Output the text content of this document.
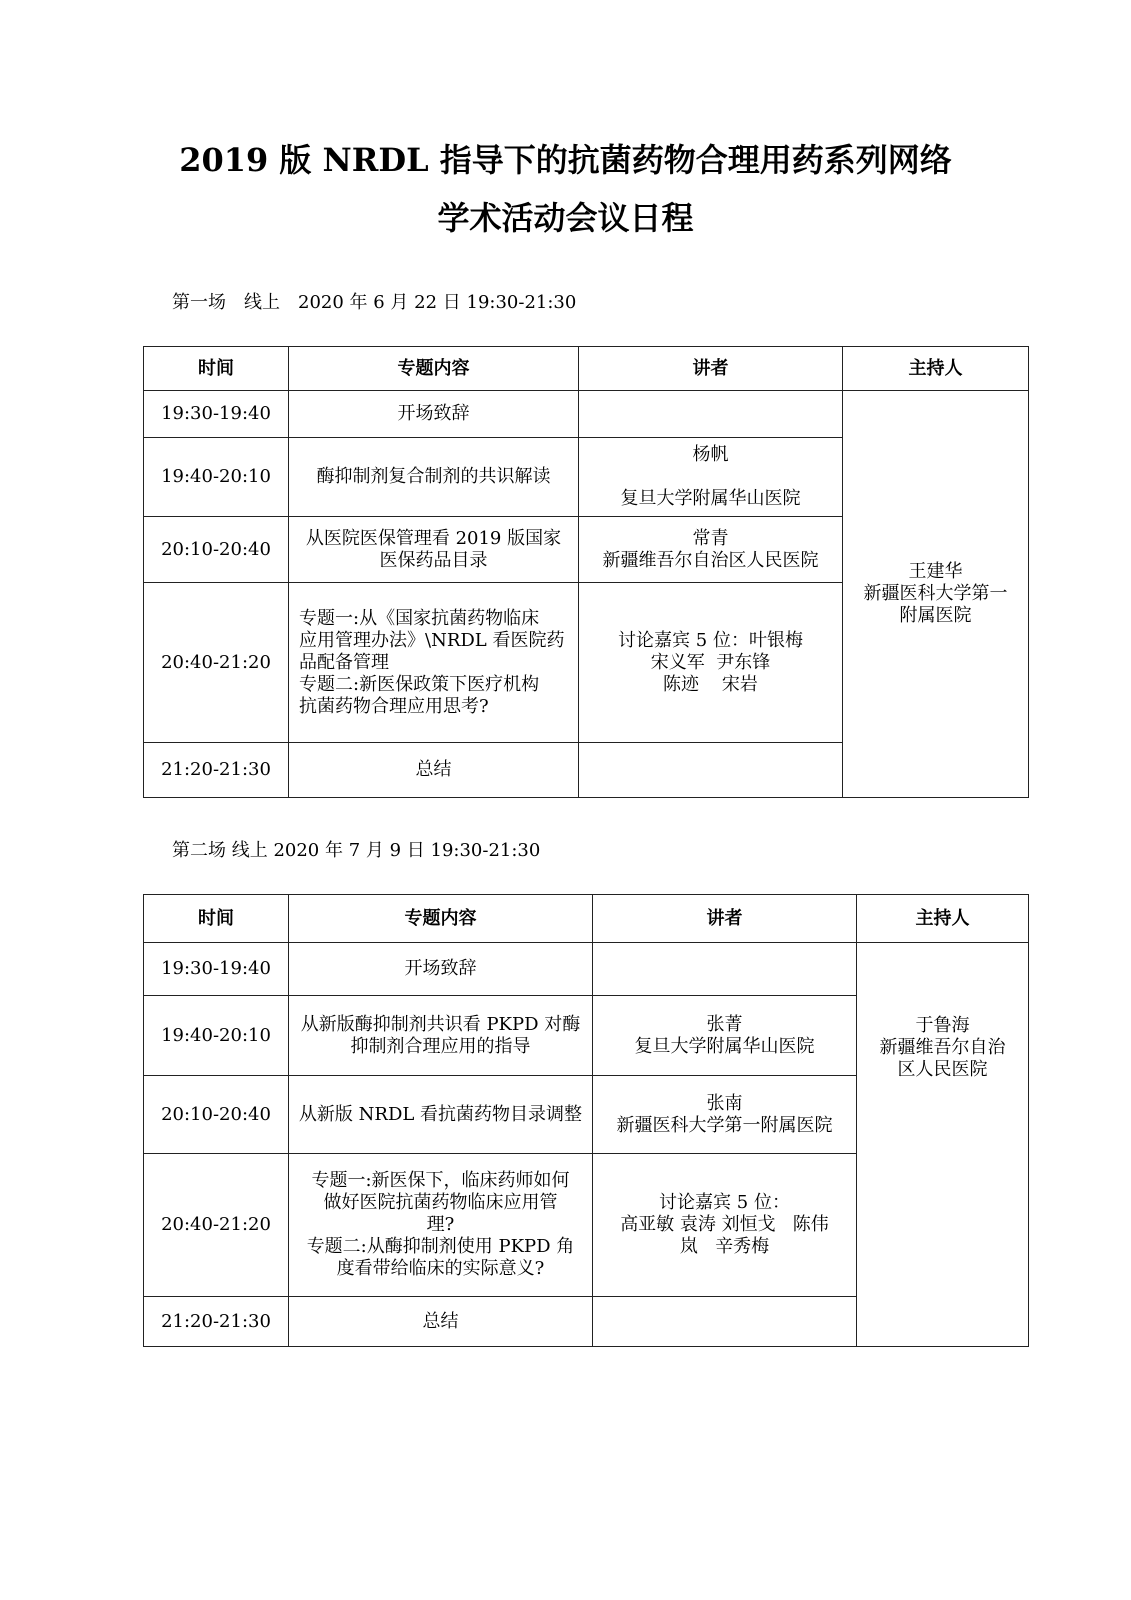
2019 版 NRDL 指导下的抗菌药物合理用药系列网络
学术活动会议日程

第一场　线上　2020 年 6 月 22 日 19:30-21:30

时间	专题内容	讲者	主持人
19:30-19:40	开场致辞		王建华
新疆医科大学第一
附属医院

19:40-20:10	酶抑制剂复合制剂的共识解读	杨帆
复旦大学附属华山医院	

20:10-20:40	从医院医保管理看 2019 版国家
医保药品目录	常青
新疆维吾尔自治区人民医院	

20:40-21:20	专题一:从《国家抗菌药物临床
应用管理办法》\NRDL 看医院药
品配备管理
专题二:新医保政策下医疗机构
抗菌药物合理应用思考?	讨论嘉宾 5 位：叶银梅
宋义军  尹东锋
陈迹    宋岩	

21:20-21:30	总结		

第二场 线上 2020 年 7 月 9 日 19:30-21:30

时间	专题内容	讲者	主持人
19:30-19:40	开场致辞		于鲁海
新疆维吾尔自治
区人民医院

19:40-20:10	从新版酶抑制剂共识看 PKPD 对酶
抑制剂合理应用的指导	张菁
复旦大学附属华山医院	

20:10-20:40	从新版 NRDL 看抗菌药物目录调整	张南
新疆医科大学第一附属医院	

20:40-21:20	专题一:新医保下，临床药师如何
做好医院抗菌药物临床应用管
理?
专题二:从酶抑制剂使用 PKPD 角
度看带给临床的实际意义?	讨论嘉宾 5 位：
高亚敏 袁涛 刘恒戈   陈伟
岚   辛秀梅	

21:20-21:30	总结		
